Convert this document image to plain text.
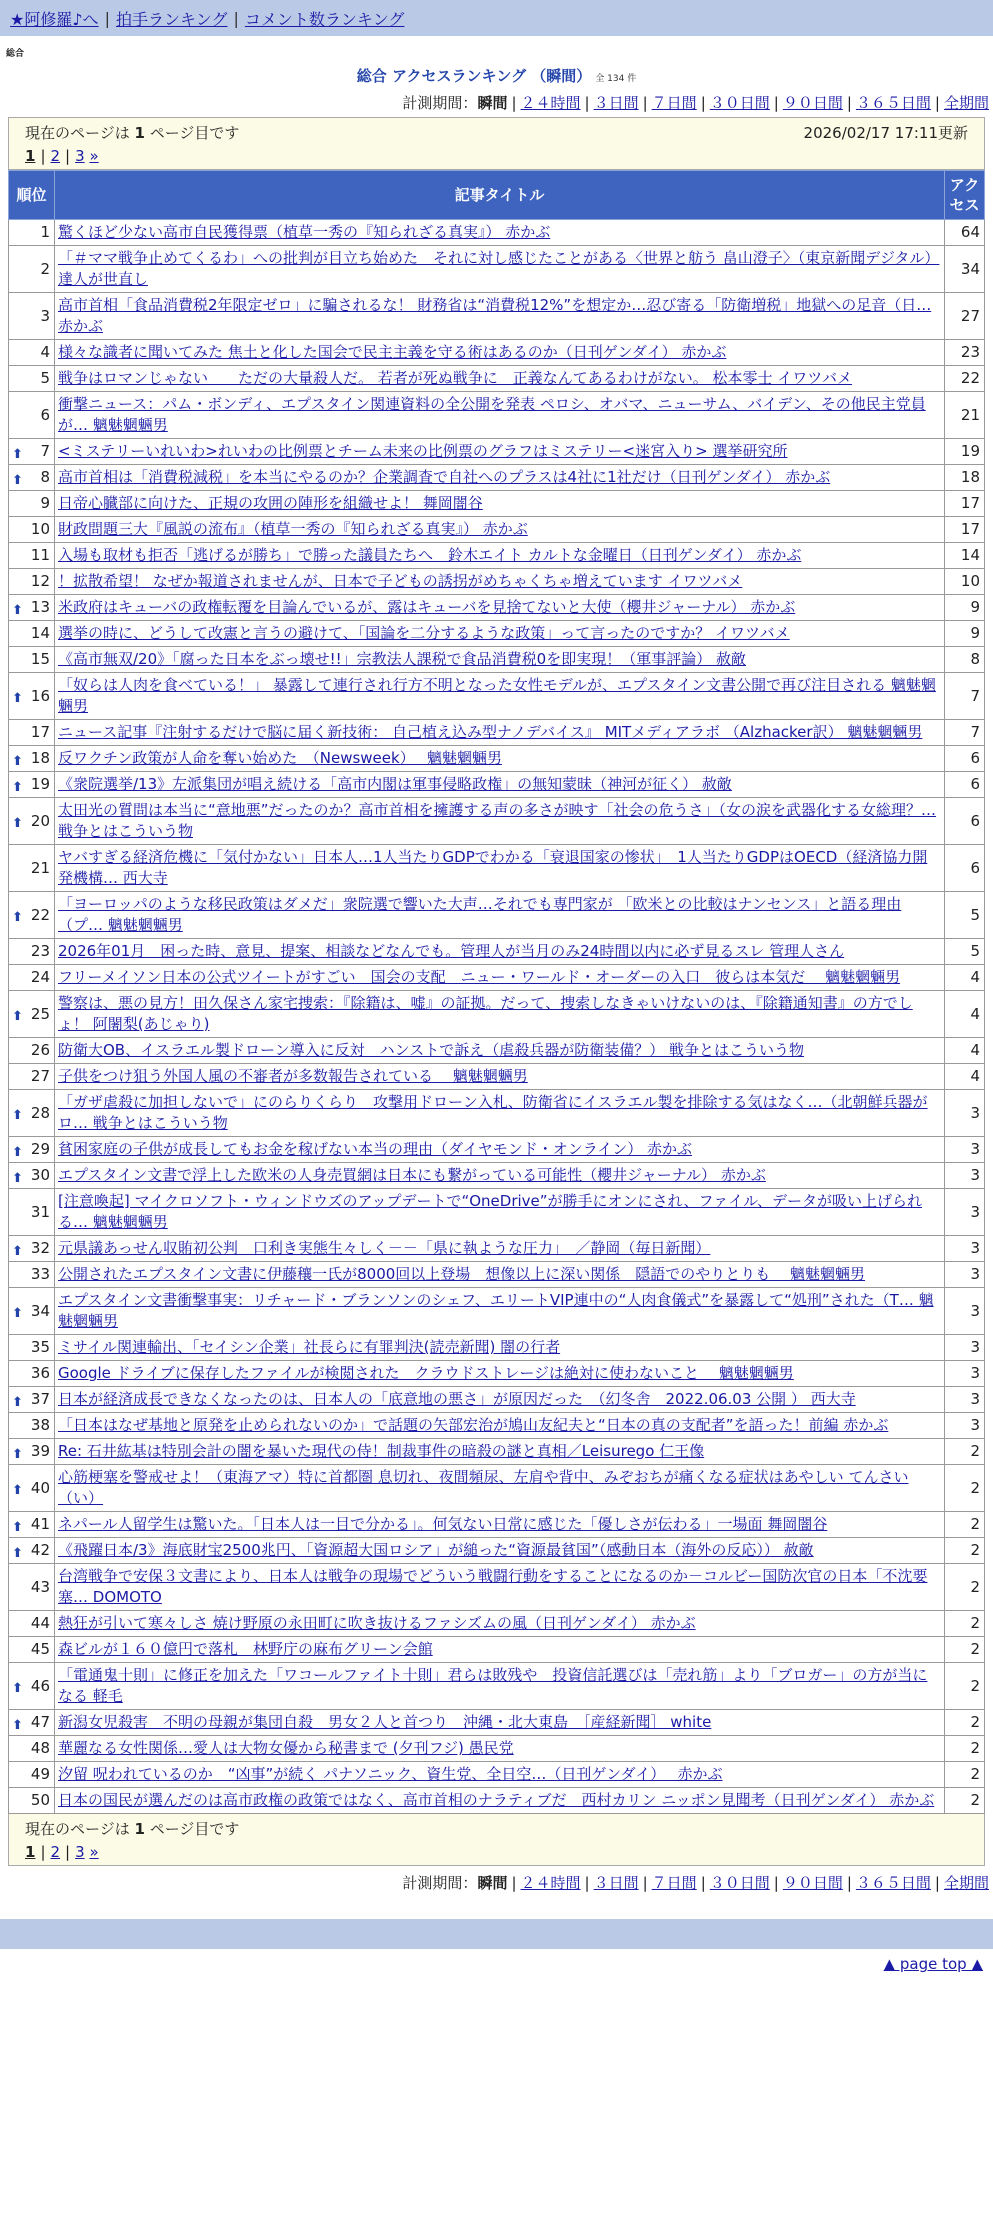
★阿修羅♪へ | 拍手ランキング | コメント数ランキング
総合
総合 アクセスランキング （瞬間） 全 134 件
計測期間：瞬間 | ２４時間 | ３日間 | ７日間 | ３０日間 | ９０日間 | ３６５日間 | 全期間
現在のページは 1 ページ目です	2026/02/17 17:11更新
1 | 2 | 3 »
順位	記事タイトル	アクセス
1	驚くほど少ない高市自民獲得票（植草一秀の『知られざる真実』） 赤かぶ	64
2	「＃ママ戦争止めてくるわ」への批判が目立ち始めた　それに対し感じたことがある〈世界と舫う 畠山澄子〉（東京新聞デジタル） 達人が世直し	34
3	高市首相「食品消費税2年限定ゼロ」に騙されるな！ 財務省は“消費税12%”を想定か…忍び寄る「防衛増税」地獄への足音（日… 赤かぶ	27
4	様々な識者に聞いてみた 焦土と化した国会で民主主義を守る術はあるのか（日刊ゲンダイ） 赤かぶ	23
5	戦争はロマンじゃない　　ただの大量殺人だ。 若者が死ぬ戦争に　正義なんてあるわけがない。 松本零士 イワツバメ	22
6	衝撃ニュース：パム・ボンディ、エプスタイン関連資料の全公開を発表 ペロシ、オバマ、ニューサム、バイデン、その他民主党員が… 魑魅魍魎男	21

⬆ 7	<ミステリーいれいわ>れいわの比例票とチーム未来の比例票のグラフはミステリー<迷宮入り> 選挙研究所	19

⬆ 8	高市首相は「消費税減税」を本当にやるのか？企業調査で自社へのプラスは4社に1社だけ（日刊ゲンダイ） 赤かぶ	18
9	日帝心臓部に向けた、正規の攻囲の陣形を組織せよ！ 舞岡闇谷	17
10	財政問題三大『風説の流布』（植草一秀の『知られざる真実』） 赤かぶ	17
11	入場も取材も拒否「逃げるが勝ち」で勝った議員たちへ　鈴木エイト カルトな金曜日（日刊ゲンダイ） 赤かぶ	14
12	！拡散希望！ なぜか報道されませんが、日本で子どもの誘拐がめちゃくちゃ増えています イワツバメ	10

⬆ 13	米政府はキューバの政権転覆を目論んでいるが、露はキューバを見捨てないと大使（櫻井ジャーナル） 赤かぶ	9
14	選挙の時に、どうして改憲と言うの避けて、「国論を二分するような政策」って言ったのですか？ イワツバメ	9
15	《高市無双/20》「腐った日本をぶっ壊せ!!」宗教法人課税で食品消費税0を即実現！（軍事評論） 赦敵	8

⬆ 16	「奴らは人肉を食べている！」 暴露して連行され行方不明となった女性モデルが、エプスタイン文書公開で再び注目される 魑魅魍魎男	7
17	ニュース記事『注射するだけで脳に届く新技術： 自己植え込み型ナノデバイス』 MITメディアラボ （Alzhacker訳） 魑魅魍魎男	7

⬆ 18	反ワクチン政策が人命を奪い始めた　（Newsweek）　 魑魅魍魎男	6

⬆ 19	《衆院選挙/13》左派集団が唱え続ける「高市内閣は軍事侵略政権」の無知蒙昧（神河が征く） 赦敵	6

⬆ 20	太田光の質問は本当に“意地悪”だったのか？高市首相を擁護する声の多さが映す「社会の危うさ」（女の涙を武器化する女総理？… 戦争とはこういう物	6
21	ヤバすぎる経済危機に「気付かない」日本人…1人当たりGDPでわかる「衰退国家の惨状」　1人当たりGDPはOECD（経済協力開発機構… 西大寺	6

⬆ 22	「ヨーロッパのような移民政策はダメだ」衆院選で響いた大声…それでも専門家が 「欧米との比較はナンセンス」と語る理由（プ… 魑魅魍魎男	5
23	2026年01月　困った時、意見、提案、相談などなんでも。管理人が当月のみ24時間以内に必ず見るスレ 管理人さん	5
24	フリーメイソン日本の公式ツイートがすごい　国会の支配　ニュー・ワールド・オーダーの入口　彼らは本気だ　 魑魅魍魎男	4

⬆ 25	警察は、悪の見方！田久保さん家宅捜索：『除籍は、嘘』の証拠。だって、捜索しなきゃいけないのは、『除籍通知書』の方でしょ！ 阿闍梨(あじゃり)	4
26	防衛大OB、イスラエル製ドローン導入に反対　ハンストで訴え（虐殺兵器が防衛装備？） 戦争とはこういう物	4
27	子供をつけ狙う外国人風の不審者が多数報告されている　 魑魅魍魎男	4

⬆ 28	「ガザ虐殺に加担しないで」にのらりくらり　攻撃用ドローン入札、防衛省にイスラエル製を排除する気はなく…（北朝鮮兵器がロ… 戦争とはこういう物	3

⬆ 29	貧困家庭の子供が成長してもお金を稼げない本当の理由（ダイヤモンド・オンライン） 赤かぶ	3

⬆ 30	エプスタイン文書で浮上した欧米の人身売買網は日本にも繋がっている可能性（櫻井ジャーナル） 赤かぶ	3
31	[注意喚起] マイクロソフト・ウィンドウズのアップデートで“OneDrive”が勝手にオンにされ、ファイル、データが吸い上げられる… 魑魅魍魎男	3

⬆ 32	元県議あっせん収賄初公判　口利き実態生々しく－－「県に執ような圧力」　／静岡（毎日新聞）	3
33	公開されたエプスタイン文書に伊藤穰一氏が8000回以上登場　想像以上に深い関係　隠語でのやりとりも　 魑魅魍魎男	3

⬆ 34	エプスタイン文書衝撃事実：リチャード・ブランソンのシェフ、エリートVIP連中の“人肉食儀式”を暴露して“処刑”された（T… 魑魅魍魎男	3
35	ミサイル関連輸出、「セイシン企業」社長らに有罪判決(読売新聞) 闇の行者	3
36	Google ドライブに保存したファイルが検閲された　クラウドストレージは絶対に使わないこと　 魑魅魍魎男	3

⬆ 37	日本が経済成長できなくなったのは、日本人の「底意地の悪さ」が原因だった　（幻冬舎　2022.06.03 公開 ） 西大寺	3
38	「日本はなぜ基地と原発を止められないのか」で話題の矢部宏治が鳩山友紀夫と“日本の真の支配者”を語った！前編 赤かぶ	3

⬆ 39	Re: 石井紘基は特別会計の闇を暴いた現代の侍！制裁事件の暗殺の謎と真相／Leisurego 仁王像	2

⬆ 40	心筋梗塞を警戒せよ！（東海アマ）特に首都圏 息切れ、夜間頻尿、左肩や背中、みぞおちが痛くなる症状はあやしい てんさい（い）	2

⬆ 41	ネパール人留学生は驚いた。「日本人は一目で分かる」。何気ない日常に感じた「優しさが伝わる」一場面 舞岡闇谷	2

⬆ 42	《飛躍日本/3》海底財宝2500兆円、「資源超大国ロシア」が縋った“資源最貧国”（感動日本（海外の反応）） 赦敵	2
43	台湾戦争で安保３文書により、日本人は戦争の現場でどういう戦闘行動をすることになるのか－コルビー国防次官の日本「不沈要塞… DOMOTO	2
44	熱狂が引いて寒々しさ 焼け野原の永田町に吹き抜けるファシズムの風（日刊ゲンダイ） 赤かぶ	2
45	森ビルが１６０億円で落札　林野庁の麻布グリーン会館	2

⬆ 46	「電通鬼十則」に修正を加えた「ワコールファイト十則」君らは敗残や　投資信託選びは「売れ筋」より「ブロガー」の方が当になる 軽毛	2

⬆ 47	新潟女児殺害　不明の母親が集団自殺　男女２人と首つり　沖縄・北大東島　［産経新聞］ white	2
48	華麗なる女性関係…愛人は大物女優から秘書まで (夕刊フジ) 愚民党	2
49	汐留 呪われているのか　“凶事”が続く パナソニック、資生党、全日空…（日刊ゲンダイ）　 赤かぶ	2
50	日本の国民が選んだのは高市政権の政策ではなく、高市首相のナラティブだ　西村カリン ニッポン見聞考（日刊ゲンダイ） 赤かぶ	2
現在のページは 1 ページ目です
1 | 2 | 3 »
計測期間：瞬間 | ２４時間 | ３日間 | ７日間 | ３０日間 | ９０日間 | ３６５日間 | 全期間
▲ page top ▲
